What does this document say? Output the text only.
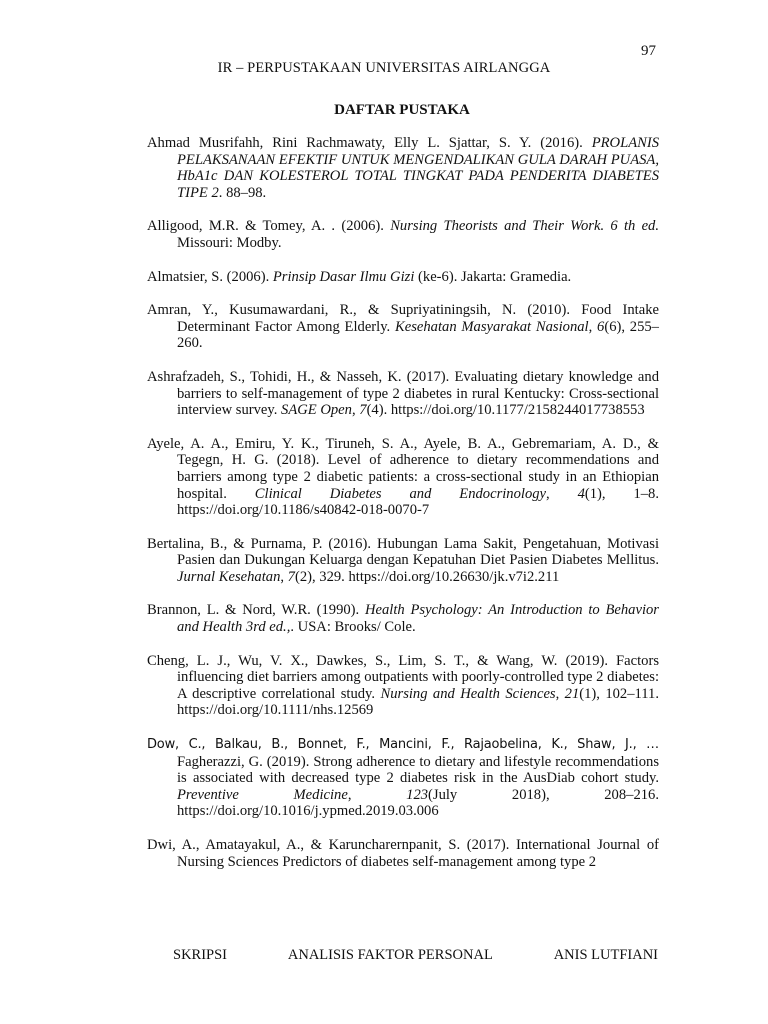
97
IR – PERPUSTAKAAN UNIVERSITAS AIRLANGGA
DAFTAR PUSTAKA
Ahmad Musrifahh, Rini Rachmawaty, Elly L. Sjattar, S. Y. (2016). PROLANIS PELAKSANAAN EFEKTIF UNTUK MENGENDALIKAN GULA DARAH PUASA, HbA1c DAN KOLESTEROL TOTAL TINGKAT PADA PENDERITA DIABETES TIPE 2. 88–98.
Alligood, M.R. & Tomey, A. . (2006). Nursing Theorists and Their Work. 6 th ed. Missouri: Modby.
Almatsier, S. (2006). Prinsip Dasar Ilmu Gizi (ke-6). Jakarta: Gramedia.
Amran, Y., Kusumawardani, R., & Supriyatiningsih, N. (2010). Food Intake Determinant Factor Among Elderly. Kesehatan Masyarakat Nasional, 6(6), 255–260.
Ashrafzadeh, S., Tohidi, H., & Nasseh, K. (2017). Evaluating dietary knowledge and barriers to self-management of type 2 diabetes in rural Kentucky: Cross-sectional interview survey. SAGE Open, 7(4). https://doi.org/10.1177/2158244017738553
Ayele, A. A., Emiru, Y. K., Tiruneh, S. A., Ayele, B. A., Gebremariam, A. D., & Tegegn, H. G. (2018). Level of adherence to dietary recommendations and barriers among type 2 diabetic patients: a cross-sectional study in an Ethiopian hospital. Clinical Diabetes and Endocrinology, 4(1), 1–8. https://doi.org/10.1186/s40842-018-0070-7
Bertalina, B., & Purnama, P. (2016). Hubungan Lama Sakit, Pengetahuan, Motivasi Pasien dan Dukungan Keluarga dengan Kepatuhan Diet Pasien Diabetes Mellitus. Jurnal Kesehatan, 7(2), 329. https://doi.org/10.26630/jk.v7i2.211
Brannon, L. & Nord, W.R. (1990). Health Psychology: An Introduction to Behavior and Health 3rd ed.,. USA: Brooks/ Cole.
Cheng, L. J., Wu, V. X., Dawkes, S., Lim, S. T., & Wang, W. (2019). Factors influencing diet barriers among outpatients with poorly-controlled type 2 diabetes: A descriptive correlational study. Nursing and Health Sciences, 21(1), 102–111. https://doi.org/10.1111/nhs.12569
Dow, C., Balkau, B., Bonnet, F., Mancini, F., Rajaobelina, K., Shaw, J., … Fagherazzi, G. (2019). Strong adherence to dietary and lifestyle recommendations is associated with decreased type 2 diabetes risk in the AusDiab cohort study. Preventive Medicine, 123(July 2018), 208–216. https://doi.org/10.1016/j.ypmed.2019.03.006
Dwi, A., Amatayakul, A., & Karuncharernpanit, S. (2017). International Journal of Nursing Sciences Predictors of diabetes self-management among type 2
SKRIPSI	ANALISIS FAKTOR PERSONAL	ANIS LUTFIANI
